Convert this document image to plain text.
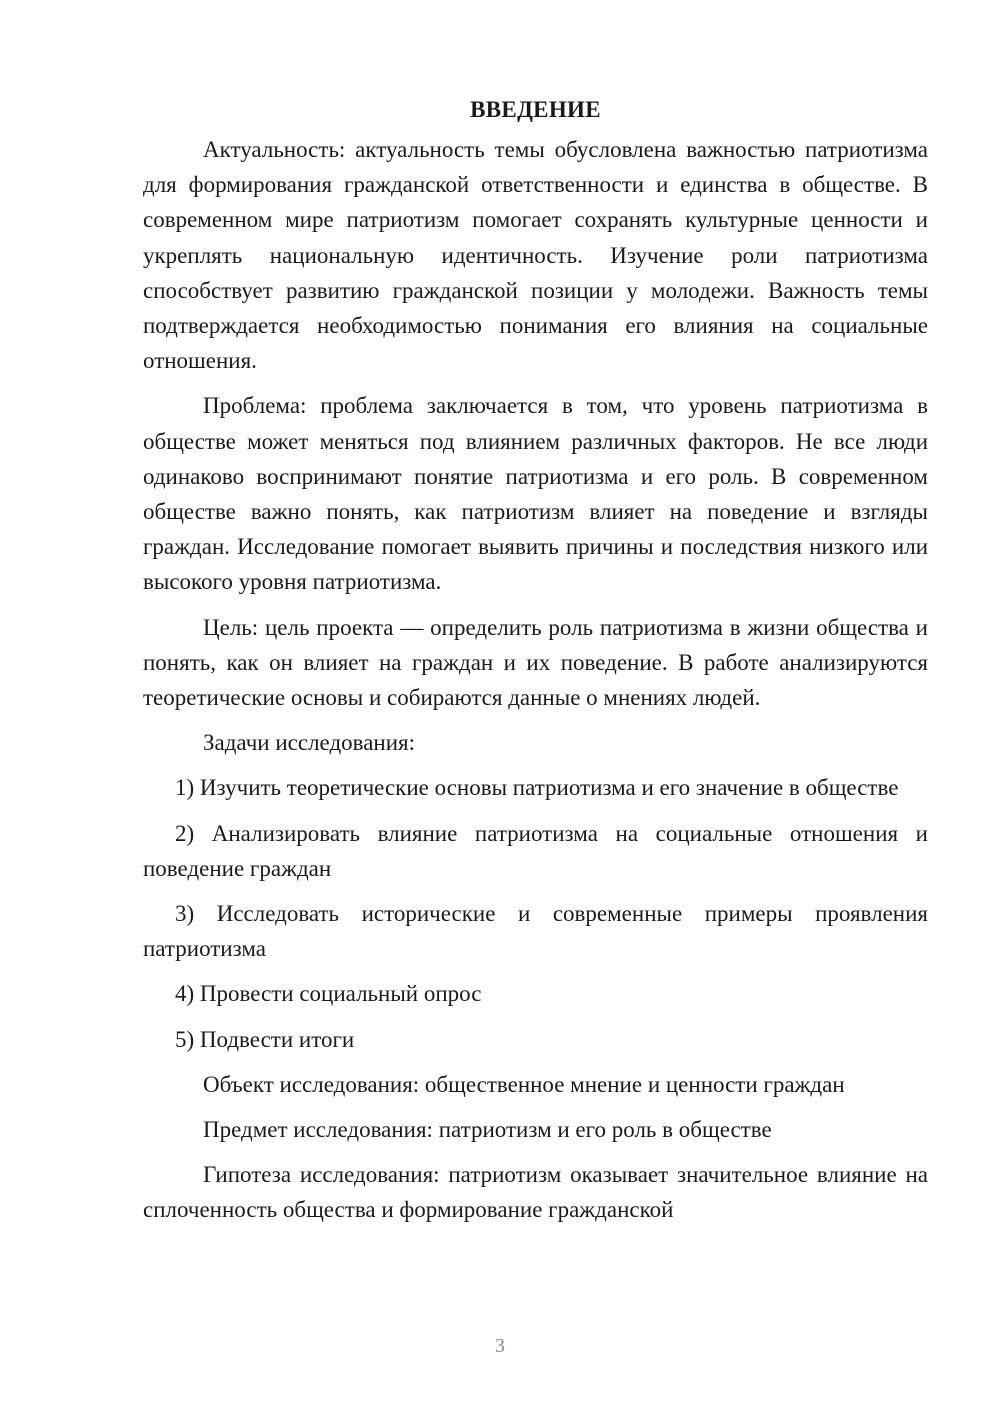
ВВЕДЕНИЕ

Актуальность: актуальность темы обусловлена важностью патриотизма для формирования гражданской ответственности и единства в обществе. В современном мире патриотизм помогает сохранять культурные ценности и укреплять национальную идентичность. Изучение роли патриотизма способствует развитию гражданской позиции у молодежи. Важность темы подтверждается необходимостью понимания его влияния на социальные отношения.

Проблема: проблема заключается в том, что уровень патриотизма в обществе может меняться под влиянием различных факторов. Не все люди одинаково воспринимают понятие патриотизма и его роль. В современном обществе важно понять, как патриотизм влияет на поведение и взгляды граждан. Исследование помогает выявить причины и последствия низкого или высокого уровня патриотизма.

Цель: цель проекта — определить роль патриотизма в жизни общества и понять, как он влияет на граждан и их поведение. В работе анализируются теоретические основы и собираются данные о мнениях людей.

Задачи исследования:

1) Изучить теоретические основы патриотизма и его значение в обществе

2) Анализировать влияние патриотизма на социальные отношения и поведение граждан

3) Исследовать исторические и современные примеры проявления патриотизма

4) Провести социальный опрос

5) Подвести итоги

Объект исследования: общественное мнение и ценности граждан

Предмет исследования: патриотизм и его роль в обществе

Гипотеза исследования: патриотизм оказывает значительное влияние на сплоченность общества и формирование гражданской

3
